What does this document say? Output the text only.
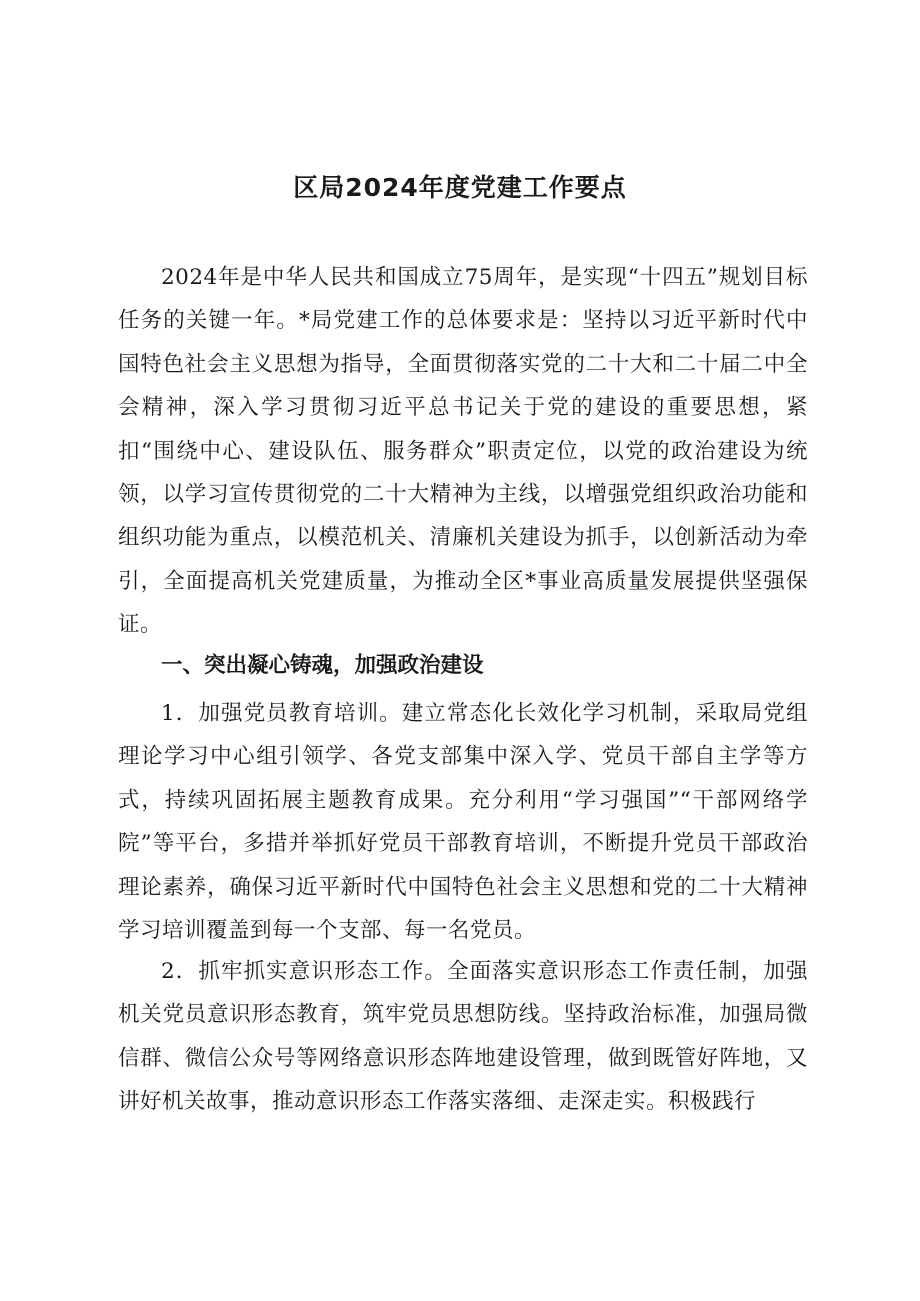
区局2024年度党建工作要点

2024年是中华人民共和国成立75周年，是实现“十四五”规划目标任务的关键一年。*局党建工作的总体要求是：坚持以习近平新时代中国特色社会主义思想为指导，全面贯彻落实党的二十大和二十届二中全会精神，深入学习贯彻习近平总书记关于党的建设的重要思想，紧扣“围绕中心、建设队伍、服务群众”职责定位，以党的政治建设为统领，以学习宣传贯彻党的二十大精神为主线，以增强党组织政治功能和组织功能为重点，以模范机关、清廉机关建设为抓手，以创新活动为牵引，全面提高机关党建质量，为推动全区*事业高质量发展提供坚强保证。

一、突出凝心铸魂，加强政治建设

1．加强党员教育培训。建立常态化长效化学习机制，采取局党组理论学习中心组引领学、各党支部集中深入学、党员干部自主学等方式，持续巩固拓展主题教育成果。充分利用“学习强国”“干部网络学院”等平台，多措并举抓好党员干部教育培训，不断提升党员干部政治理论素养，确保习近平新时代中国特色社会主义思想和党的二十大精神学习培训覆盖到每一个支部、每一名党员。

2．抓牢抓实意识形态工作。全面落实意识形态工作责任制，加强机关党员意识形态教育，筑牢党员思想防线。坚持政治标准，加强局微信群、微信公众号等网络意识形态阵地建设管理，做到既管好阵地，又讲好机关故事，推动意识形态工作落实落细、走深走实。积极践行
